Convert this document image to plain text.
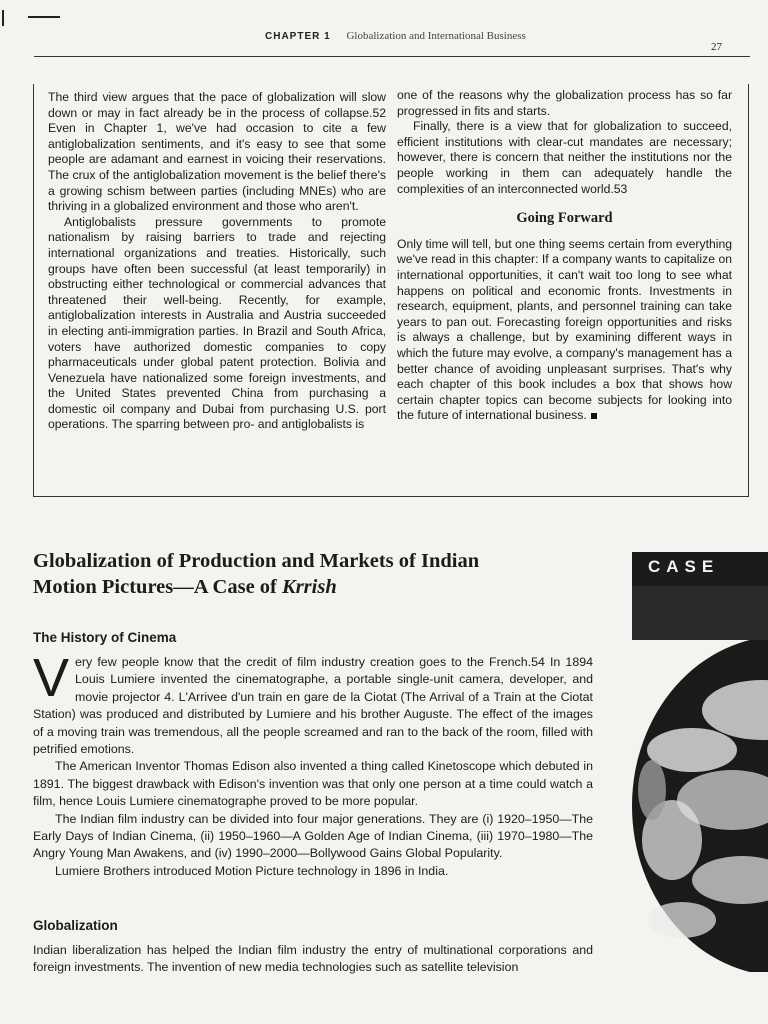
CHAPTER 1 Globalization and International Business
27

The third view argues that the pace of globalization will slow down or may in fact already be in the process of collapse.52 Even in Chapter 1, we've had occasion to cite a few antiglobalization sentiments, and it's easy to see that some people are adamant and earnest in voicing their reservations. The crux of the antiglobalization movement is the belief there's a growing schism between parties (including MNEs) who are thriving in a globalized environment and those who aren't.

Antiglobalists pressure governments to promote nationalism by raising barriers to trade and rejecting international organizations and treaties. Historically, such groups have often been successful (at least temporarily) in obstructing either technological or commercial advances that threatened their well-being. Recently, for example, antiglobalization interests in Australia and Austria succeeded in electing anti-immigration parties. In Brazil and South Africa, voters have authorized domestic companies to copy pharmaceuticals under global patent protection. Bolivia and Venezuela have nationalized some foreign investments, and the United States prevented China from purchasing a domestic oil company and Dubai from purchasing U.S. port operations. The sparring between pro- and antiglobalists is

one of the reasons why the globalization process has so far progressed in fits and starts.

Finally, there is a view that for globalization to succeed, efficient institutions with clear-cut mandates are necessary; however, there is concern that neither the institutions nor the people working in them can adequately handle the complexities of an interconnected world.53

Going Forward

Only time will tell, but one thing seems certain from everything we've read in this chapter: If a company wants to capitalize on international opportunities, it can't wait too long to see what happens on political and economic fronts. Investments in research, equipment, plants, and personnel training can take years to pan out. Forecasting foreign opportunities and risks is always a challenge, but by examining different ways in which the future may evolve, a company's management has a better chance of avoiding unpleasant surprises. That's why each chapter of this book includes a box that shows how certain chapter topics can become subjects for looking into the future of international business.

Globalization of Production and Markets of Indian
Motion Pictures—A Case of Krrish
CASE
The History of Cinema

Very few people know that the credit of film industry creation goes to the French.54 In 1894 Louis Lumiere invented the cinematographe, a portable single-unit camera, developer, and movie projector 4. L'Arrivee d'un train en gare de la Ciotat (The Arrival of a Train at the Ciotat Station) was produced and distributed by Lumiere and his brother Auguste. The effect of the images of a moving train was tremendous, all the people screamed and ran to the back of the room, filled with petrified emotions.

The American Inventor Thomas Edison also invented a thing called Kinetoscope which debuted in 1891. The biggest drawback with Edison's invention was that only one person at a time could watch a film, hence Louis Lumiere cinematographe proved to be more popular.

The Indian film industry can be divided into four major generations. They are (i) 1920–1950—The Early Days of Indian Cinema, (ii) 1950–1960—A Golden Age of Indian Cinema, (iii) 1970–1980—The Angry Young Man Awakens, and (iv) 1990–2000—Bollywood Gains Global Popularity.

Lumiere Brothers introduced Motion Picture technology in 1896 in India.

Globalization

Indian liberalization has helped the Indian film industry the entry of multinational corporations and foreign investments. The invention of new media technologies such as satellite television
